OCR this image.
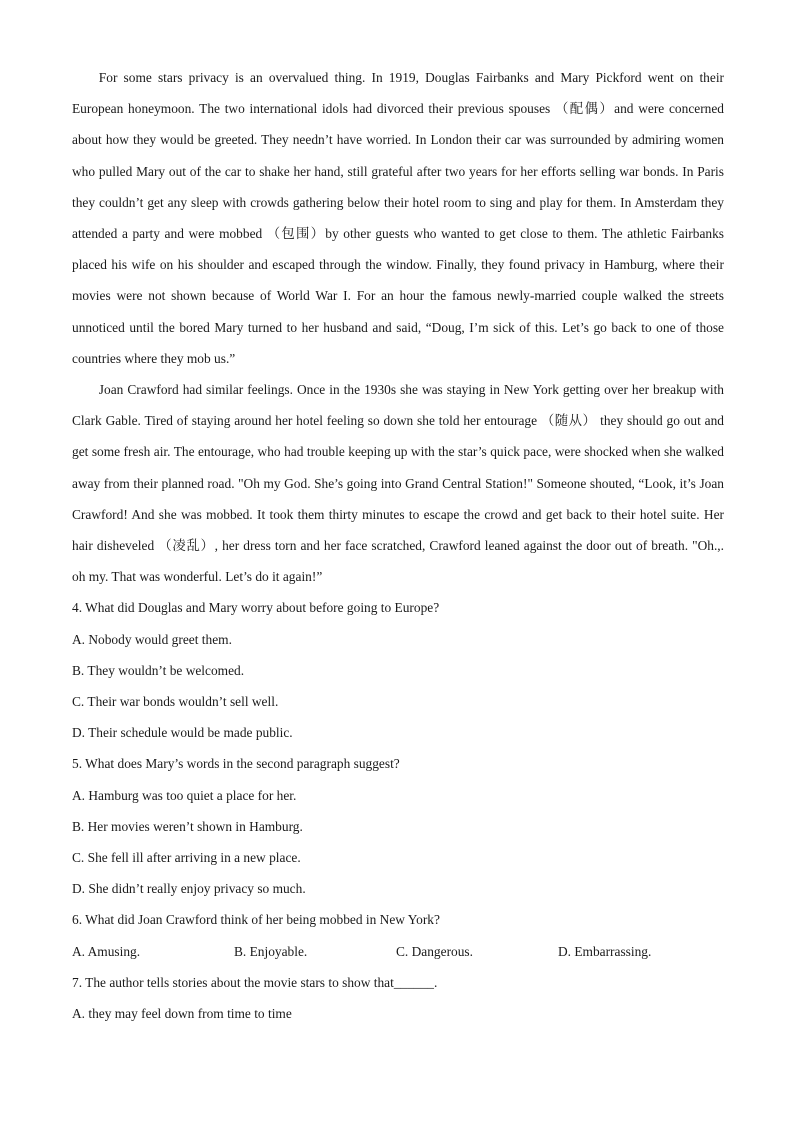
For some stars privacy is an overvalued thing. In 1919, Douglas Fairbanks and Mary Pickford went on their European honeymoon. The two international idols had divorced their previous spouses （配偶）and were concerned about how they would be greeted. They needn’t have worried. In London their car was surrounded by admiring women who pulled Mary out of the car to shake her hand, still grateful after two years for her efforts selling war bonds. In Paris they couldn’t get any sleep with crowds gathering below their hotel room to sing and play for them. In Amsterdam they attended a party and were mobbed （包围）by other guests who wanted to get close to them. The athletic Fairbanks placed his wife on his shoulder and escaped through the window. Finally, they found privacy in Hamburg, where their movies were not shown because of World War I. For an hour the famous newly-married couple walked the streets unnoticed until the bored Mary turned to her husband and said, “Doug, I’m sick of this. Let’s go back to one of those countries where they mob us.”

Joan Crawford had similar feelings. Once in the 1930s she was staying in New York getting over her breakup with Clark Gable. Tired of staying around her hotel feeling so down she told her entourage （随从） they should go out and get some fresh air. The entourage, who had trouble keeping up with the star’s quick pace, were shocked when she walked away from their planned road. "Oh my God. She’s going into Grand Central Station!" Someone shouted, “Look, it’s Joan Crawford! And she was mobbed. It took them thirty minutes to escape the crowd and get back to their hotel suite. Her hair disheveled （凌乱）, her dress torn and her face scratched, Crawford leaned against the door out of breath. "Oh.,. oh my. That was wonderful. Let’s do it again!”

4. What did Douglas and Mary worry about before going to Europe?

A. Nobody would greet them.

B. They wouldn’t be welcomed.

C. Their war bonds wouldn’t sell well.

D. Their schedule would be made public.

5. What does Mary’s words in the second paragraph suggest?

A. Hamburg was too quiet a place for her.

B. Her movies weren’t shown in Hamburg.

C. She fell ill after arriving in a new place.

D. She didn’t really enjoy privacy so much.

6. What did Joan Crawford think of her being mobbed in New York?

A. Amusing.	B. Enjoyable.	C. Dangerous.	D. Embarrassing.

7. The author tells stories about the movie stars to show that______.

A. they may feel down from time to time
